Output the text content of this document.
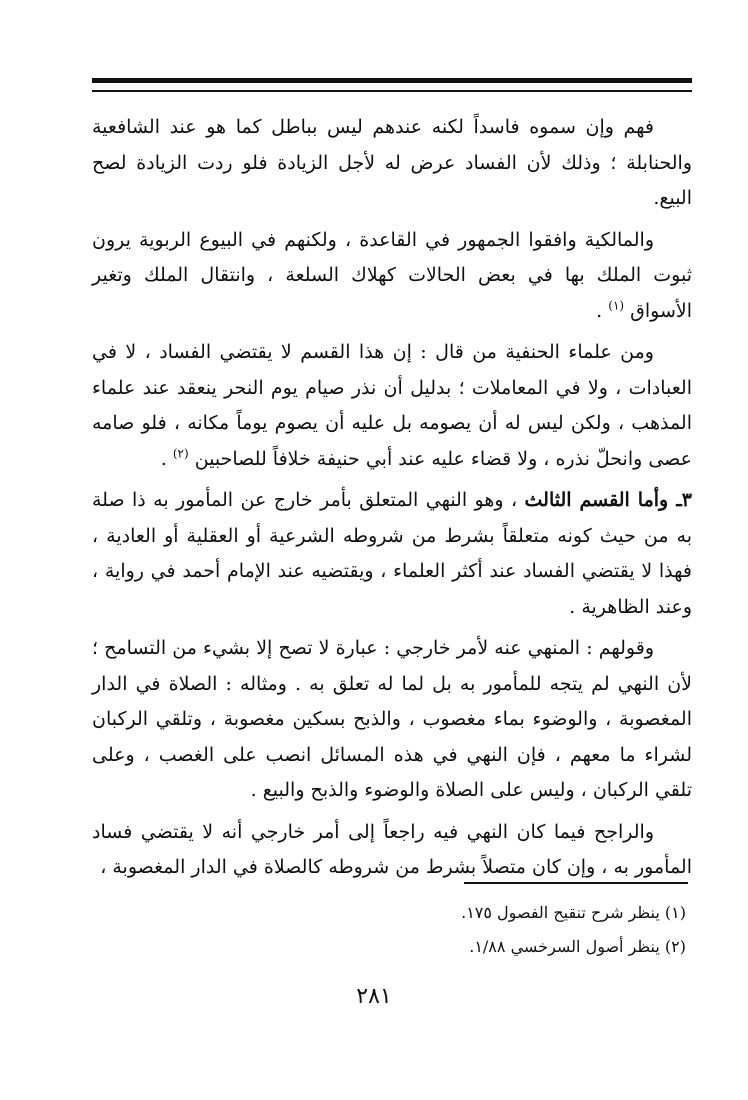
فهم وإن سموه فاسداً لكنه عندهم ليس بباطل كما هو عند الشافعية والحنابلة ؛ وذلك لأن الفساد عرض له لأجل الزيادة فلو ردت الزيادة لصح البيع.

والمالكية وافقوا الجمهور في القاعدة ، ولكنهم في البيوع الربوية يرون ثبوت الملك بها في بعض الحالات كهلاك السلعة ، وانتقال الملك وتغير الأسواق $^{(١)}$ .

ومن علماء الحنفية من قال : إن هذا القسم لا يقتضي الفساد ، لا في العبادات ، ولا في المعاملات ؛ بدليل أن نذر صيام يوم النحر ينعقد عند علماء المذهب ، ولكن ليس له أن يصومه بل عليه أن يصوم يوماً مكانه ، فلو صامه عصى وانحلّ نذره ، ولا قضاء عليه عند أبي حنيفة خلافاً للصاحبين $^{(٢)}$ .

٣ـ وأما القسم الثالث ، وهو النهي المتعلق بأمر خارج عن المأمور به ذا صلة به من حيث كونه متعلقاً بشرط من شروطه الشرعية أو العقلية أو العادية ، فهذا لا يقتضي الفساد عند أكثر العلماء ، ويقتضيه عند الإمام أحمد في رواية ، وعند الظاهرية .

وقولهم : المنهي عنه لأمر خارجي : عبارة لا تصح إلا بشيء من التسامح ؛ لأن النهي لم يتجه للمأمور به بل لما له تعلق به . ومثاله : الصلاة في الدار المغصوبة ، والوضوء بماء مغصوب ، والذبح بسكين مغصوبة ، وتلقي الركبان لشراء ما معهم ، فإن النهي في هذه المسائل انصب على الغصب ، وعلى تلقي الركبان ، وليس على الصلاة والوضوء والذبح والبيع .

والراجح فيما كان النهي فيه راجعاً إلى أمر خارجي أنه لا يقتضي فساد المأمور به ، وإن كان متصلاً بشرط من شروطه كالصلاة في الدار المغصوبة ،

(١) ينظر شرح تنقيح الفصول ١٧٥.

(٢) ينظر أصول السرخسي ١/٨٨.

٢٨١
